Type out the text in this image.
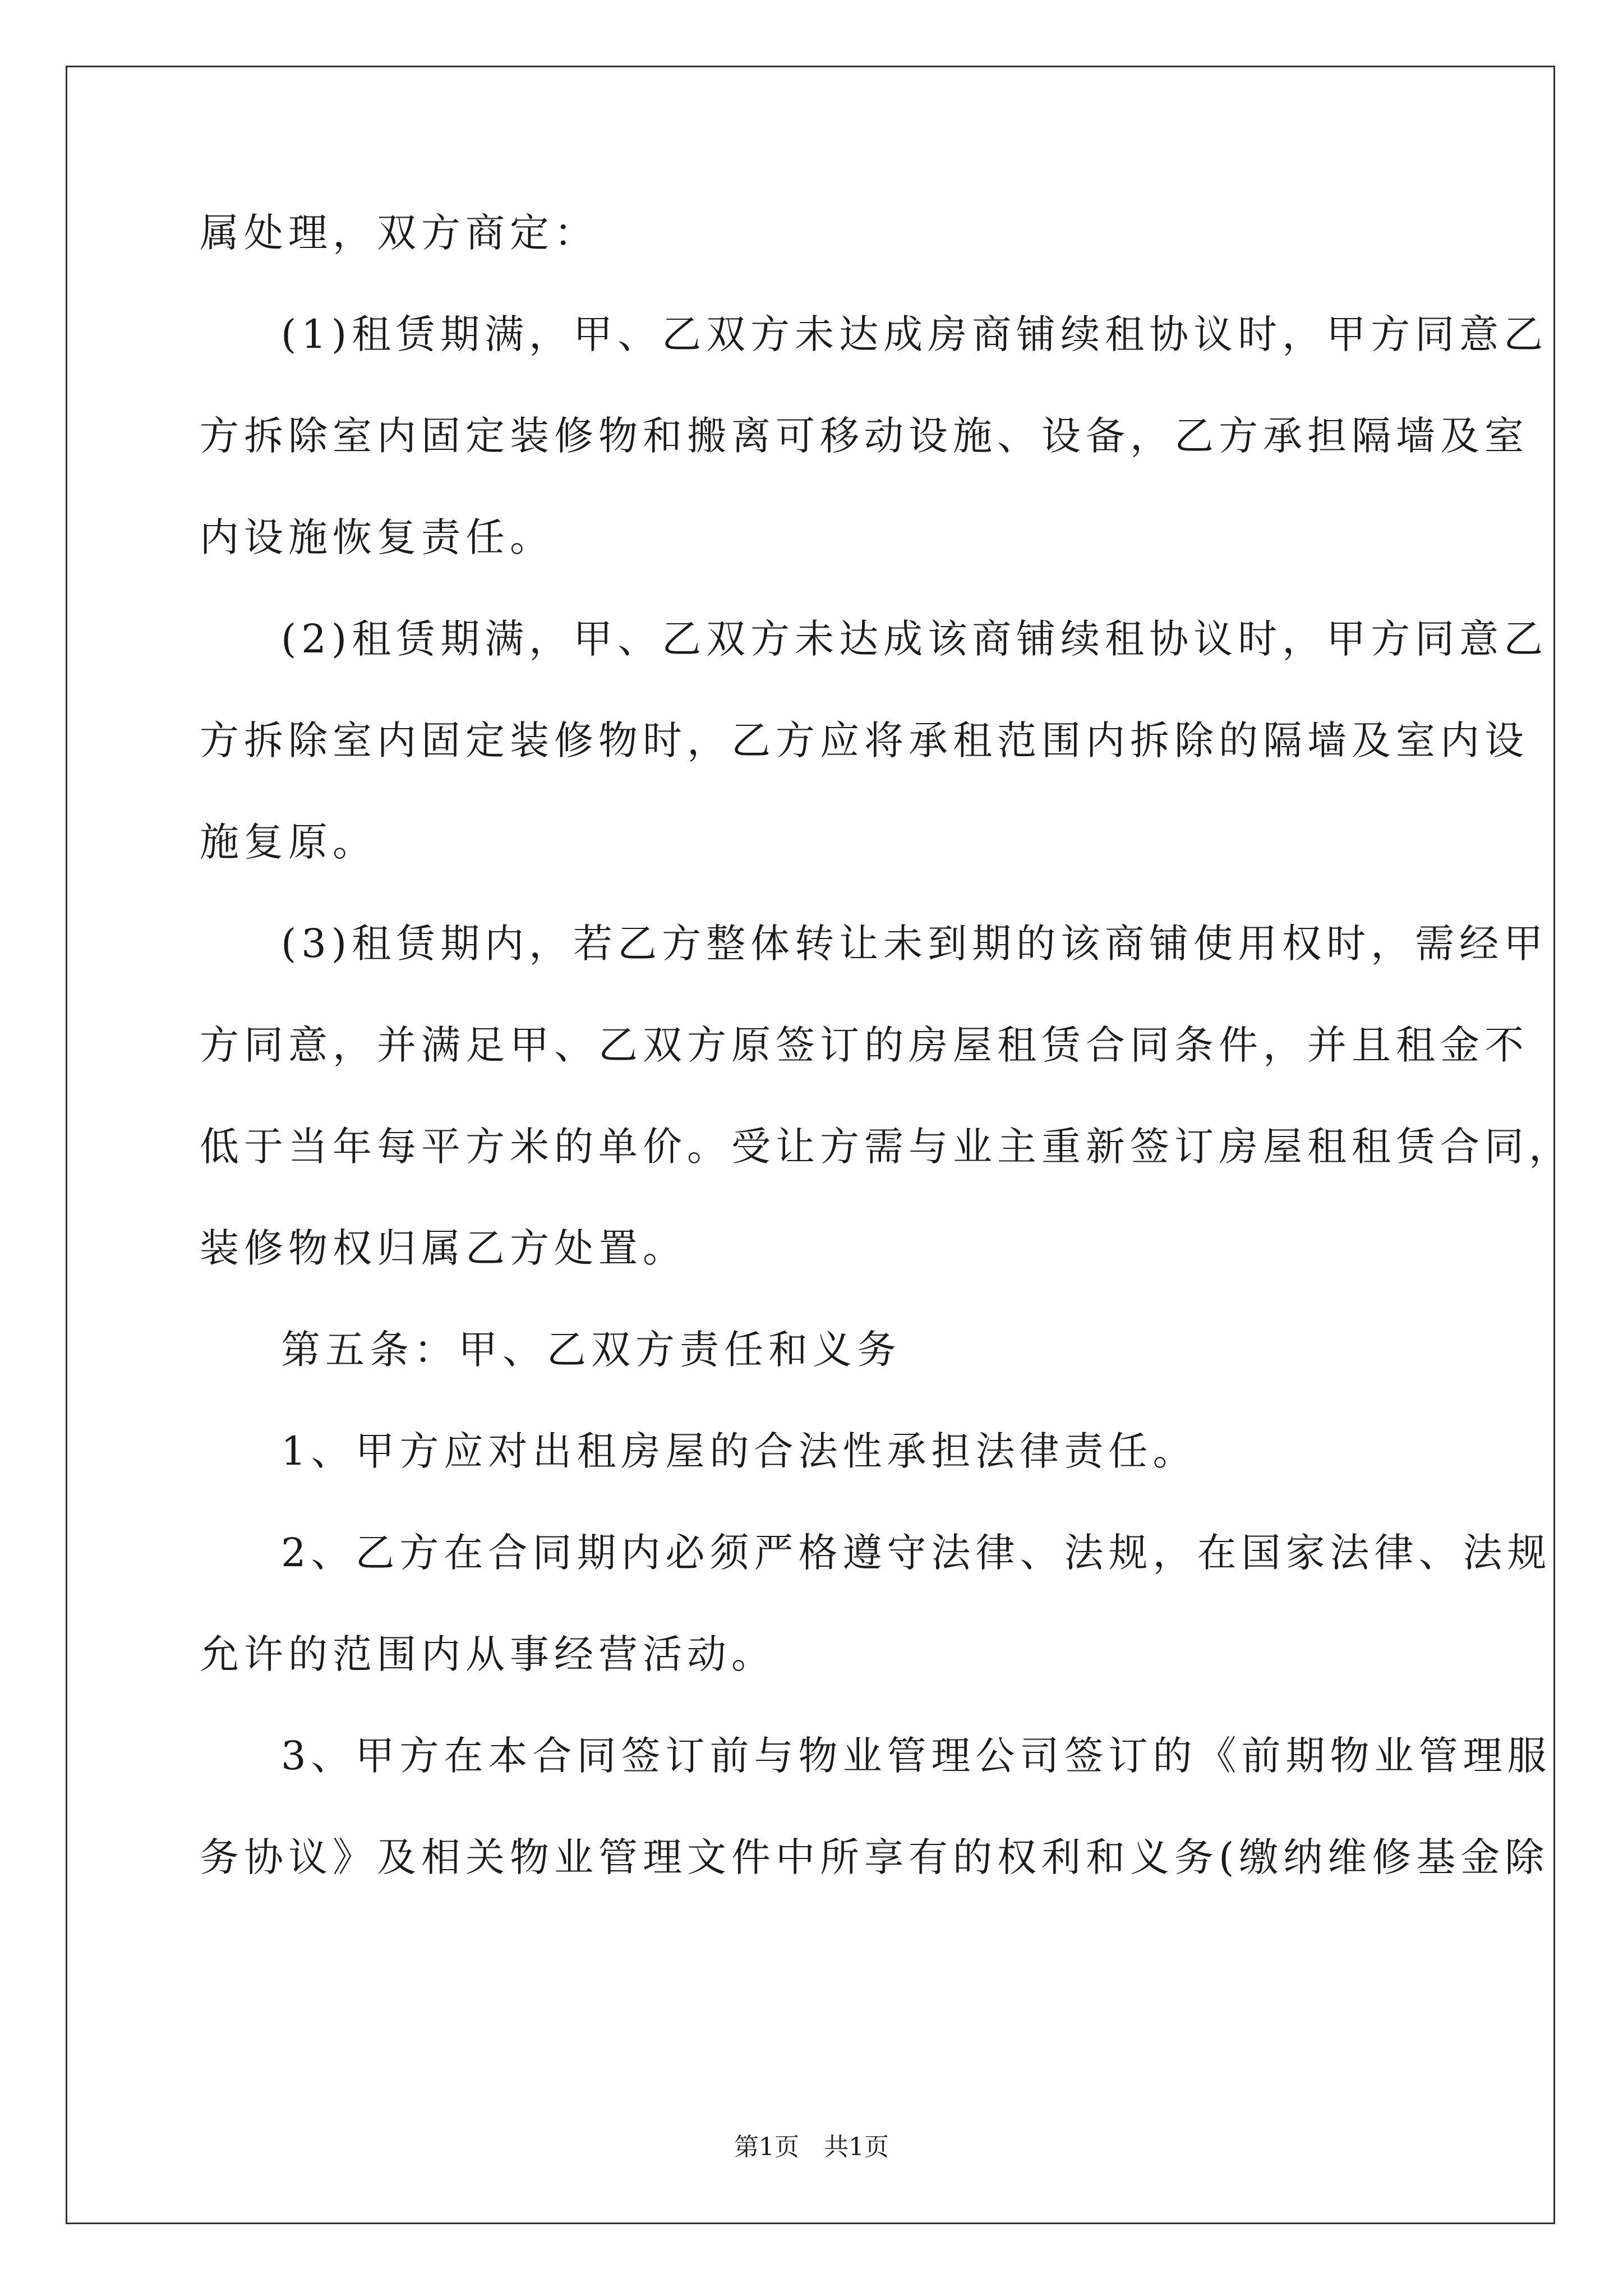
属处理，双方商定：
(1)租赁期满，甲、乙双方未达成房商铺续租协议时，甲方同意乙
方拆除室内固定装修物和搬离可移动设施、设备，乙方承担隔墙及室
内设施恢复责任。
(2)租赁期满，甲、乙双方未达成该商铺续租协议时，甲方同意乙
方拆除室内固定装修物时，乙方应将承租范围内拆除的隔墙及室内设
施复原。
(3)租赁期内，若乙方整体转让未到期的该商铺使用权时，需经甲
方同意，并满足甲、乙双方原签订的房屋租赁合同条件，并且租金不
低于当年每平方米的单价。受让方需与业主重新签订房屋租租赁合同，
装修物权归属乙方处置。
第五条：甲、乙双方责任和义务
1、甲方应对出租房屋的合法性承担法律责任。
2、乙方在合同期内必须严格遵守法律、法规，在国家法律、法规
允许的范围内从事经营活动。
3、甲方在本合同签订前与物业管理公司签订的《前期物业管理服
务协议》及相关物业管理文件中所享有的权利和义务(缴纳维修基金除
第1页　共1页
